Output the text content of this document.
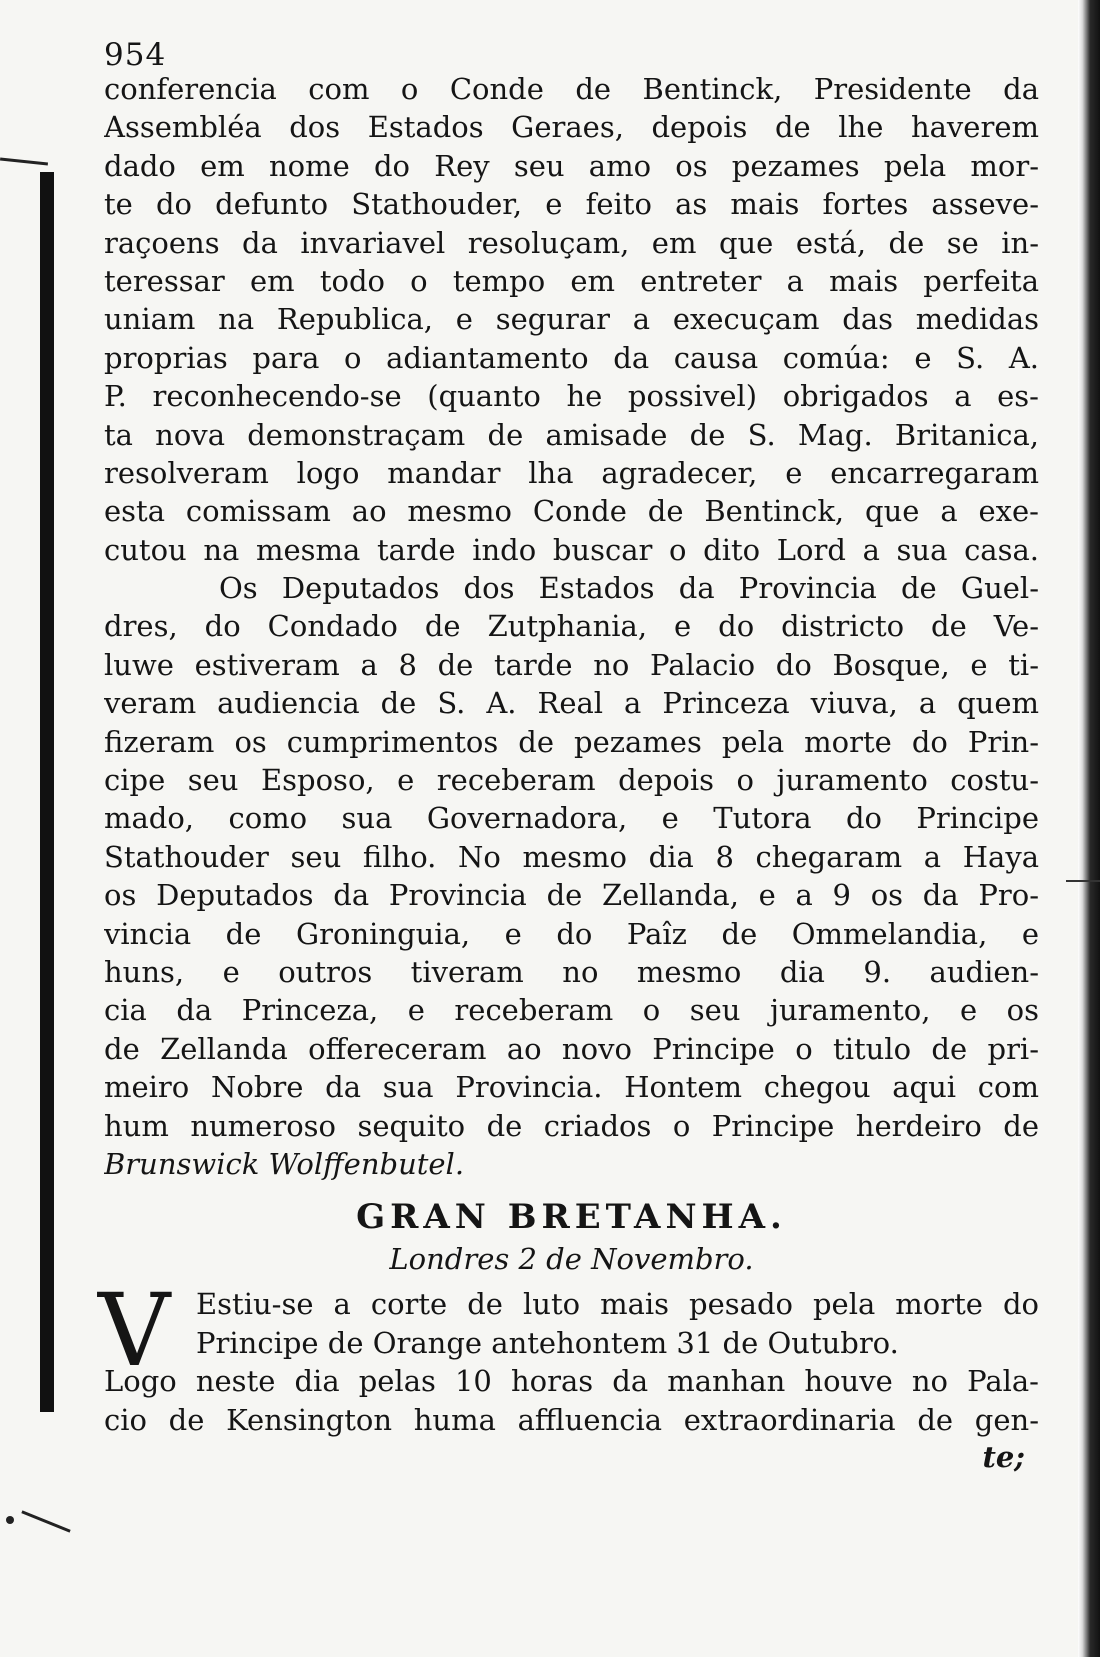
954
conferencia com o Conde de Bentinck, Presidente da
Assembléa dos Estados Geraes, depois de lhe haverem
dado em nome do Rey seu amo os pezames pela mor-
te do defunto Stathouder, e feito as mais fortes asseve-
raçoens da invariavel resoluçam, em que está, de se in-
teressar em todo o tempo em entreter a mais perfeita
uniam na Republica, e segurar a execuçam das medidas
proprias para o adiantamento da causa comúa: e S. A.
P. reconhecendo-se (quanto he possivel) obrigados a es-
ta nova demonstraçam de amisade de S. Mag. Britanica,
resolveram logo mandar lha agradecer, e encarregaram
esta comissam ao mesmo Conde de Bentinck, que a exe-
cutou na mesma tarde indo buscar o dito Lord a sua casa.
Os Deputados dos Estados da Provincia de Guel-
dres, do Condado de Zutphania, e do districto de Ve-
luwe estiveram a 8 de tarde no Palacio do Bosque, e ti-
veram audiencia de S. A. Real a Princeza viuva, a quem
fizeram os cumprimentos de pezames pela morte do Prin-
cipe seu Esposo, e receberam depois o juramento costu-
mado, como sua Governadora, e Tutora do Principe
Stathouder seu filho. No mesmo dia 8 chegaram a Haya
os Deputados da Provincia de Zellanda, e a 9 os da Pro-
vincia de Groninguia, e do Paîz de Ommelandia, e
huns, e outros tiveram no mesmo dia 9. audien-
cia da Princeza, e receberam o seu juramento, e os
de Zellanda offereceram ao novo Principe o titulo de pri-
meiro Nobre da sua Provincia. Hontem chegou aqui com
hum numeroso sequito de criados o Principe herdeiro de
Brunswick Wolffenbutel.
GRAN BRETANHA.
Londres 2 de Novembro.
V Estiu-se a corte de luto mais pesado pela morte do
Principe de Orange antehontem 31 de Outubro.
Logo neste dia pelas 10 horas da manhan houve no Pala-
cio de Kensington huma affluencia extraordinaria de gen-
te;
